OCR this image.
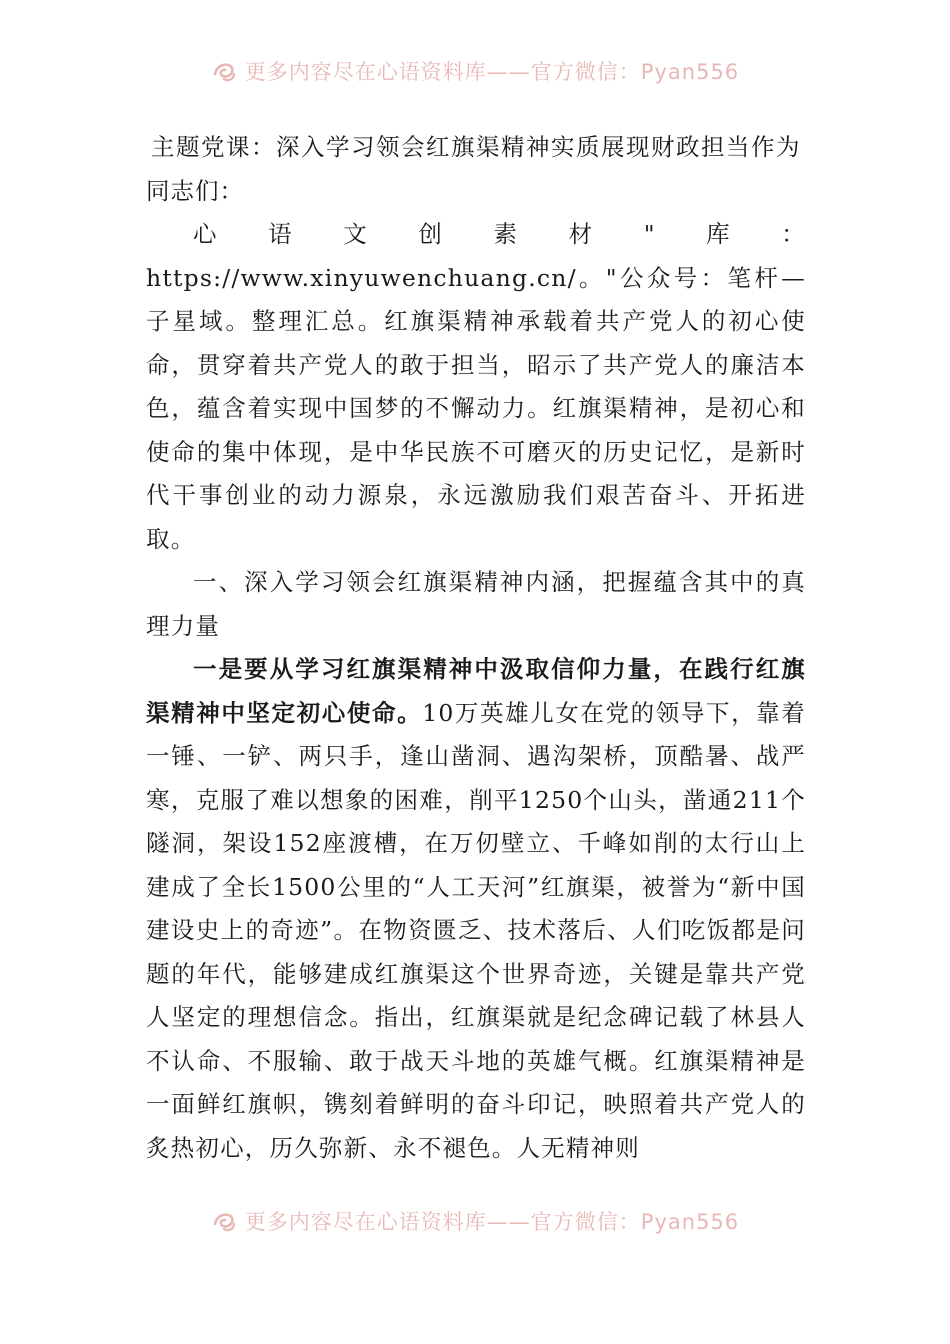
更多内容尽在心语资料库——官方微信：Pyan556
主题党课：深入学习领会红旗渠精神实质展现财政担当作为

同志们：

心语文创素材"库：https://www.xinyuwenchuang.cn/。"公众号：笔杆—子星域。整理汇总。红旗渠精神承载着共产党人的初心使命，贯穿着共产党人的敢于担当，昭示了共产党人的廉洁本色，蕴含着实现中国梦的不懈动力。红旗渠精神，是初心和使命的集中体现，是中华民族不可磨灭的历史记忆，是新时代干事创业的动力源泉，永远激励我们艰苦奋斗、开拓进取。

一、深入学习领会红旗渠精神内涵，把握蕴含其中的真理力量

一是要从学习红旗渠精神中汲取信仰力量，在践行红旗渠精神中坚定初心使命。10万英雄儿女在党的领导下，靠着一锤、一铲、两只手，逢山凿洞、遇沟架桥，顶酷暑、战严寒，克服了难以想象的困难，削平1250个山头，凿通211个隧洞，架设152座渡槽，在万仞壁立、千峰如削的太行山上建成了全长1500公里的“人工天河”红旗渠，被誉为“新中国建设史上的奇迹”。在物资匮乏、技术落后、人们吃饭都是问题的年代，能够建成红旗渠这个世界奇迹，关键是靠共产党人坚定的理想信念。指出，红旗渠就是纪念碑记载了林县人不认命、不服输、敢于战天斗地的英雄气概。红旗渠精神是一面鲜红旗帜，镌刻着鲜明的奋斗印记，映照着共产党人的炙热初心，历久弥新、永不褪色。人无精神则

更多内容尽在心语资料库——官方微信：Pyan556
